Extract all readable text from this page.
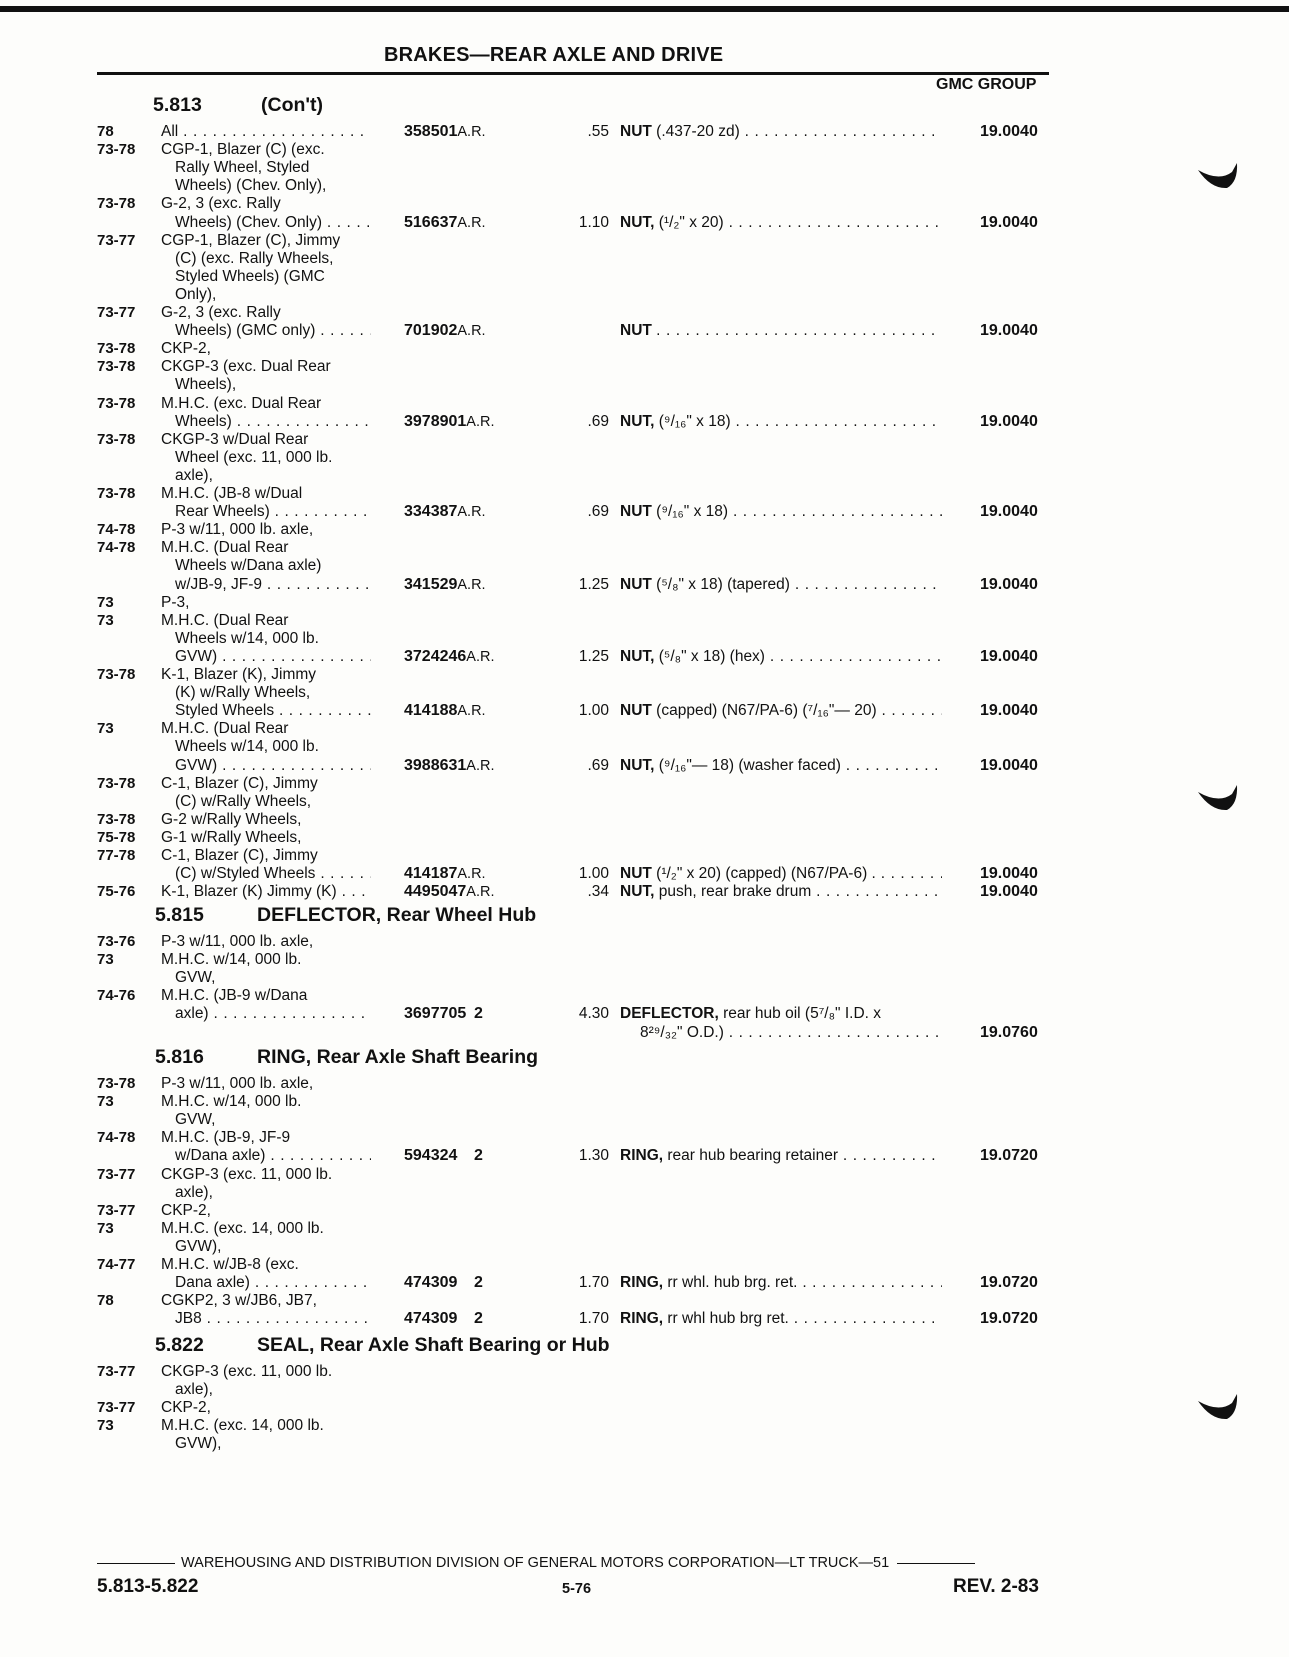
BRAKES—REAR AXLE AND DRIVE
GMC GROUP
5.813	(Con't)
78	All . . .	358501A.R.	.55 NUT (.437-20 zd) . . .	19.0040
73-78 CGP-1, Blazer (C) (exc.
Rally Wheel, Styled
Wheels) (Chev. Only),
73-78 G-2, 3 (exc. Rally
Wheels) (Chev. Only) . . .	516637A.R.	1.10 NUT, (¹/₂" x 20) . . .	19.0040
73-77 CGP-1, Blazer (C), Jimmy
(C) (exc. Rally Wheels,
Styled Wheels) (GMC
Only),
73-77 G-2, 3 (exc. Rally
Wheels) (GMC only) . . .	701902A.R.	NUT . . .	19.0040
73-78 CKP-2,
73-78 CKGP-3 (exc. Dual Rear
Wheels),
73-78 M.H.C. (exc. Dual Rear
Wheels) . . .	3978901A.R.	.69 NUT, (⁹/₁₆" x 18) . . .	19.0040
73-78 CKGP-3 w/Dual Rear
Wheel (exc. 11, 000 lb.
axle),
73-78 M.H.C. (JB-8 w/Dual
Rear Wheels) . . .	334387A.R.	.69 NUT (⁹/₁₆" x 18) . . .	19.0040
74-78 P-3 w/11, 000 lb. axle,
74-78 M.H.C. (Dual Rear
Wheels w/Dana axle)
w/JB-9, JF-9 . . .	341529A.R.	1.25 NUT (⁵/₈" x 18) (tapered) . . .	19.0040
73	P-3,
73	M.H.C. (Dual Rear
Wheels w/14, 000 lb.
GVW) . . .	3724246A.R.	1.25 NUT, (⁵/₈" x 18) (hex) . . .	19.0040
73-78 K-1, Blazer (K), Jimmy
(K) w/Rally Wheels,
Styled Wheels . . .	414188A.R.	1.00 NUT (capped) (N67/PA-6) (⁷/₁₆"— 20) . . .	19.0040
73	M.H.C. (Dual Rear
Wheels w/14, 000 lb.
GVW) . . .	3988631A.R.	.69 NUT, (⁹/₁₆"— 18) (washer faced) . . .	19.0040
73-78 C-1, Blazer (C), Jimmy
(C) w/Rally Wheels,
73-78 G-2 w/Rally Wheels,
75-78 G-1 w/Rally Wheels,
77-78 C-1, Blazer (C), Jimmy
(C) w/Styled Wheels . . .	414187A.R.	1.00 NUT (¹/₂" x 20) (capped) (N67/PA-6) . . . .	19.0040
75-76 K-1, Blazer (K) Jimmy (K) . . .	4495047A.R.	.34 NUT, push, rear brake drum . . .	19.0040
5.815	DEFLECTOR, Rear Wheel Hub
73-76 P-3 w/11, 000 lb. axle,
73	M.H.C. w/14, 000 lb.
GVW,
74-76 M.H.C. (JB-9 w/Dana
axle) . . .	3697705 2	4.30 DEFLECTOR, rear hub oil (5⁷/₈" I.D. x
8²⁹/₃₂" O.D.) . . .	19.0760
5.816	RING, Rear Axle Shaft Bearing
73-78 P-3 w/11, 000 lb. axle,
73	M.H.C. w/14, 000 lb.
GVW,
74-78 M.H.C. (JB-9, JF-9
w/Dana axle) . . .	594324 2	1.30 RING, rear hub bearing retainer . . .	19.0720
73-77 CKGP-3 (exc. 11, 000 lb.
axle),
73-77 CKP-2,
73	M.H.C. (exc. 14, 000 lb.
GVW),
74-77 M.H.C. w/JB-8 (exc.
Dana axle) . . .	474309 2	1.70 RING, rr whl. hub brg. ret. . . .	19.0720
78	CGKP2, 3 w/JB6, JB7,
JB8 . . .	474309 2	1.70 RING, rr whl hub brg ret. . . .	19.0720
5.822	SEAL, Rear Axle Shaft Bearing or Hub
73-77 CKGP-3 (exc. 11, 000 lb.
axle),
73-77 CKP-2,
73	M.H.C. (exc. 14, 000 lb.
GVW),
WAREHOUSING AND DISTRIBUTION DIVISION OF GENERAL MOTORS CORPORATION—LT TRUCK—51
5.813-5.822	5-76	REV. 2-83
